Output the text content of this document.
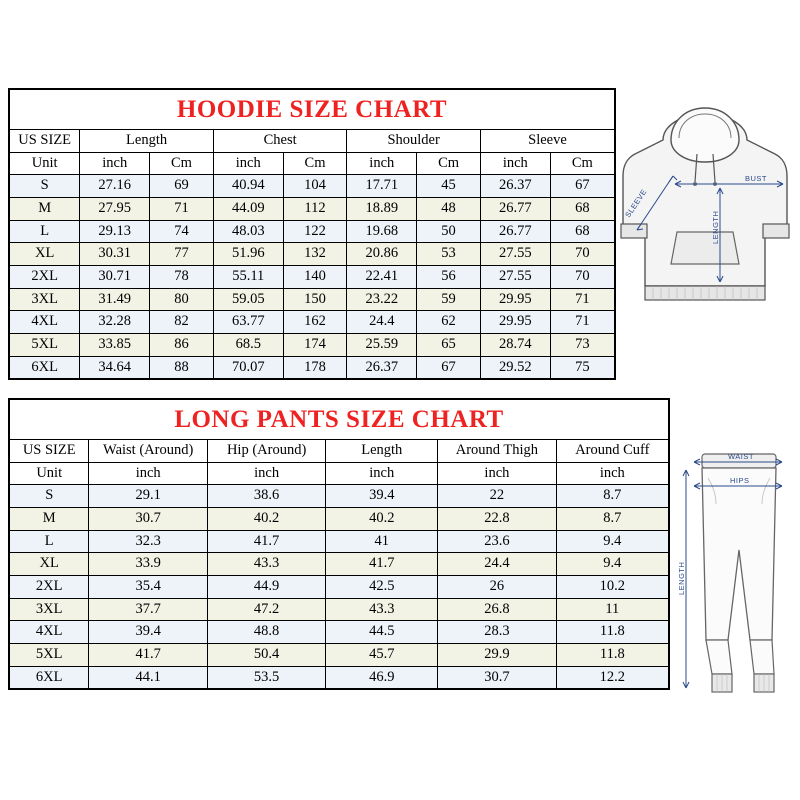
HOODIE SIZE CHART
US SIZE	Length		Chest		Shoulder		Sleeve	
Unit	inch	Cm	inch	Cm	inch	Cm	inch	Cm
S	27.16	69	40.94	104	17.71	45	26.37	67
M	27.95	71	44.09	112	18.89	48	26.77	68
L	29.13	74	48.03	122	19.68	50	26.77	68
XL	30.31	77	51.96	132	20.86	53	27.55	70
2XL	30.71	78	55.11	140	22.41	56	27.55	70
3XL	31.49	80	59.05	150	23.22	59	29.95	71
4XL	32.28	82	63.77	162	24.4	62	29.95	71
5XL	33.85	86	68.5	174	25.59	65	28.74	73
6XL	34.64	88	70.07	178	26.37	67	29.52	75
BUST
LENGTH
SLEEVE
LONG PANTS SIZE CHART
US SIZE	Waist (Around)	Hip (Around)	Length	Around Thigh	Around Cuff
Unit	inch	inch	inch	inch	inch
S	29.1	38.6	39.4	22	8.7
M	30.7	40.2	40.2	22.8	8.7
L	32.3	41.7	41	23.6	9.4
XL	33.9	43.3	41.7	24.4	9.4
2XL	35.4	44.9	42.5	26	10.2
3XL	37.7	47.2	43.3	26.8	11
4XL	39.4	48.8	44.5	28.3	11.8
5XL	41.7	50.4	45.7	29.9	11.8
6XL	44.1	53.5	46.9	30.7	12.2
WAIST
HIPS
LENGTH
